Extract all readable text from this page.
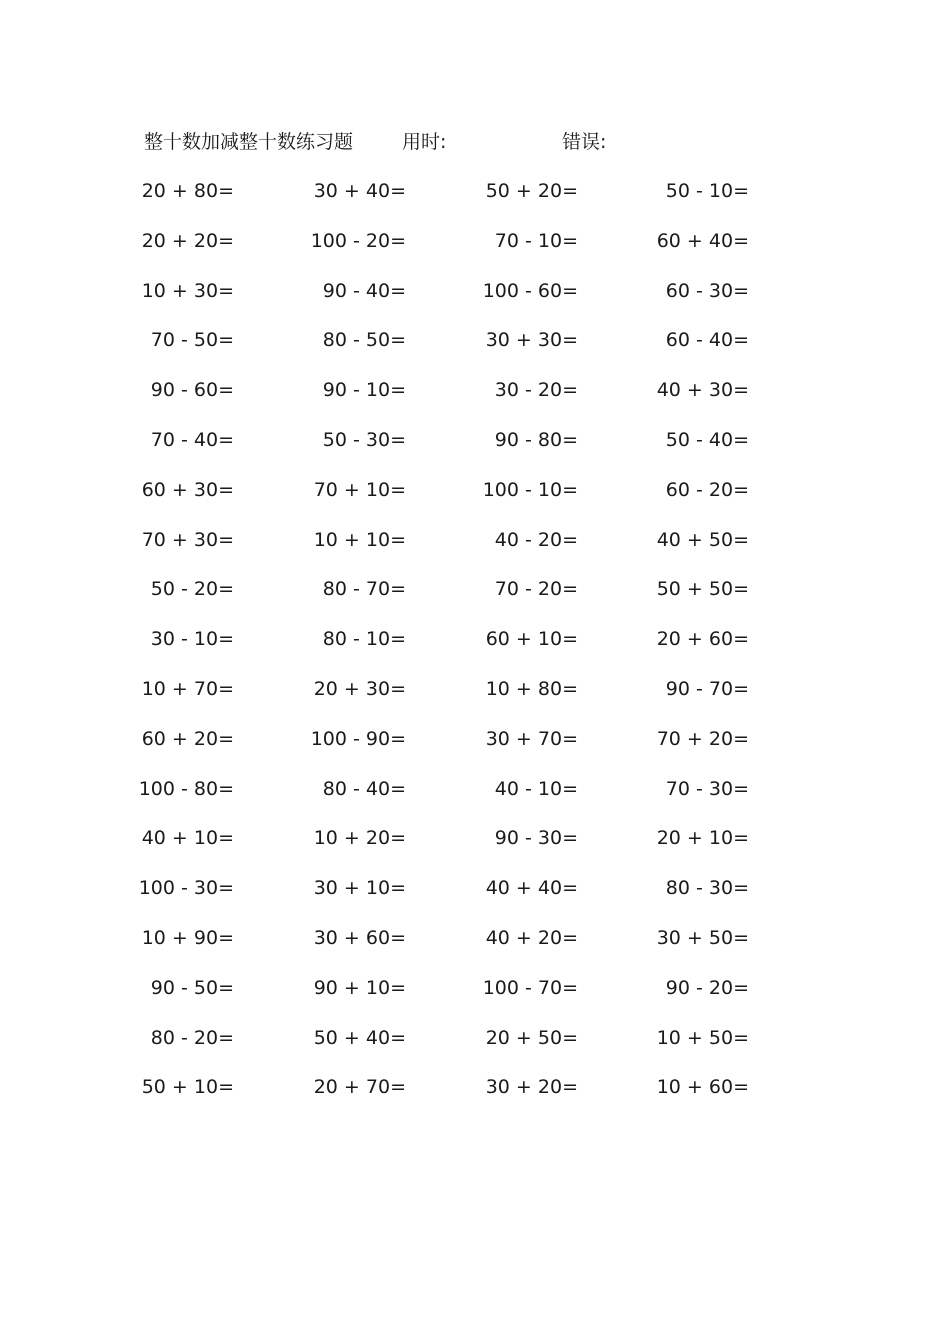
整十数加减整十数练习题	用时:	错误:
20 + 80=	30 + 40=	50 + 20=	50 - 10=
20 + 20=	100 - 20=	70 - 10=	60 + 40=
10 + 30=	90 - 40=	100 - 60=	60 - 30=
70 - 50=	80 - 50=	30 + 30=	60 - 40=
90 - 60=	90 - 10=	30 - 20=	40 + 30=
70 - 40=	50 - 30=	90 - 80=	50 - 40=
60 + 30=	70 + 10=	100 - 10=	60 - 20=
70 + 30=	10 + 10=	40 - 20=	40 + 50=
50 - 20=	80 - 70=	70 - 20=	50 + 50=
30 - 10=	80 - 10=	60 + 10=	20 + 60=
10 + 70=	20 + 30=	10 + 80=	90 - 70=
60 + 20=	100 - 90=	30 + 70=	70 + 20=
100 - 80=	80 - 40=	40 - 10=	70 - 30=
40 + 10=	10 + 20=	90 - 30=	20 + 10=
100 - 30=	30 + 10=	40 + 40=	80 - 30=
10 + 90=	30 + 60=	40 + 20=	30 + 50=
90 - 50=	90 + 10=	100 - 70=	90 - 20=
80 - 20=	50 + 40=	20 + 50=	10 + 50=
50 + 10=	20 + 70=	30 + 20=	10 + 60=
